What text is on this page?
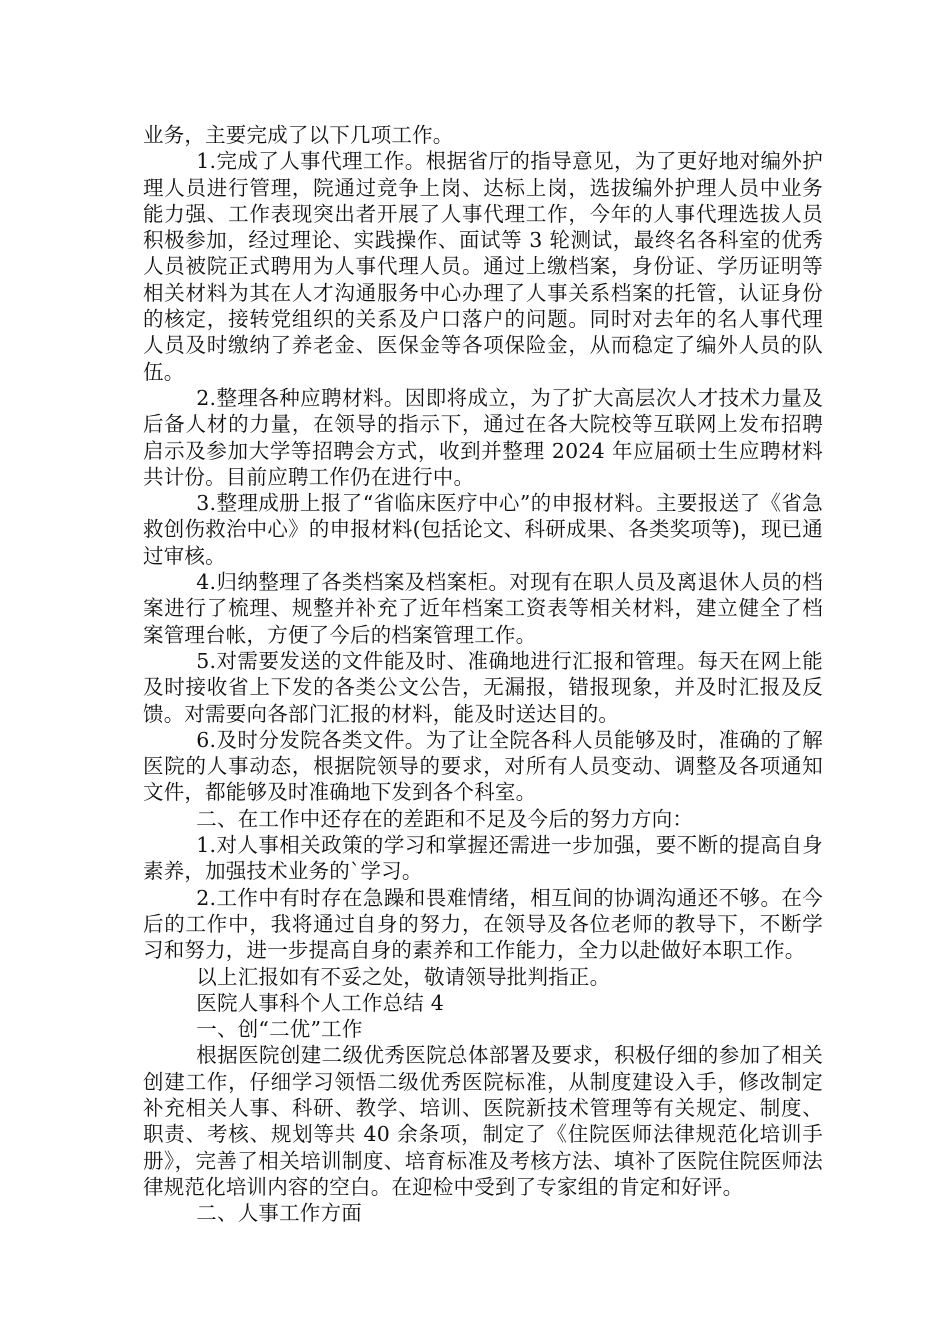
业务，主要完成了以下几项工作。

1.完成了人事代理工作。根据省厅的指导意见，为了更好地对编外护理人员进行管理，院通过竞争上岗、达标上岗，选拔编外护理人员中业务能力强、工作表现突出者开展了人事代理工作，今年的人事代理选拔人员积极参加，经过理论、实践操作、面试等 3 轮测试，最终名各科室的优秀人员被院正式聘用为人事代理人员。通过上缴档案，身份证、学历证明等相关材料为其在人才沟通服务中心办理了人事关系档案的托管，认证身份的核定，接转党组织的关系及户口落户的问题。同时对去年的名人事代理人员及时缴纳了养老金、医保金等各项保险金，从而稳定了编外人员的队伍。

2.整理各种应聘材料。因即将成立，为了扩大高层次人才技术力量及后备人材的力量，在领导的指示下，通过在各大院校等互联网上发布招聘启示及参加大学等招聘会方式，收到并整理 2024 年应届硕士生应聘材料共计份。目前应聘工作仍在进行中。

3.整理成册上报了“省临床医疗中心”的申报材料。主要报送了《省急救创伤救治中心》的申报材料(包括论文、科研成果、各类奖项等)，现已通过审核。

4.归纳整理了各类档案及档案柜。对现有在职人员及离退休人员的档案进行了梳理、规整并补充了近年档案工资表等相关材料，建立健全了档案管理台帐，方便了今后的档案管理工作。

5.对需要发送的文件能及时、准确地进行汇报和管理。每天在网上能及时接收省上下发的各类公文公告，无漏报，错报现象，并及时汇报及反馈。对需要向各部门汇报的材料，能及时送达目的。

6.及时分发院各类文件。为了让全院各科人员能够及时，准确的了解医院的人事动态，根据院领导的要求，对所有人员变动、调整及各项通知文件，都能够及时准确地下发到各个科室。

二、在工作中还存在的差距和不足及今后的努力方向：

1.对人事相关政策的学习和掌握还需进一步加强，要不断的提高自身素养，加强技术业务的`学习。

2.工作中有时存在急躁和畏难情绪，相互间的协调沟通还不够。在今后的工作中，我将通过自身的努力，在领导及各位老师的教导下，不断学习和努力，进一步提高自身的素养和工作能力，全力以赴做好本职工作。

以上汇报如有不妥之处，敬请领导批判指正。

医院人事科个人工作总结 4

一、创“二优”工作

根据医院创建二级优秀医院总体部署及要求，积极仔细的参加了相关创建工作，仔细学习领悟二级优秀医院标准，从制度建设入手，修改制定补充相关人事、科研、教学、培训、医院新技术管理等有关规定、制度、职责、考核、规划等共 40 余条项，制定了《住院医师法律规范化培训手册》，完善了相关培训制度、培育标准及考核方法、填补了医院住院医师法律规范化培训内容的空白。在迎检中受到了专家组的肯定和好评。

二、人事工作方面
